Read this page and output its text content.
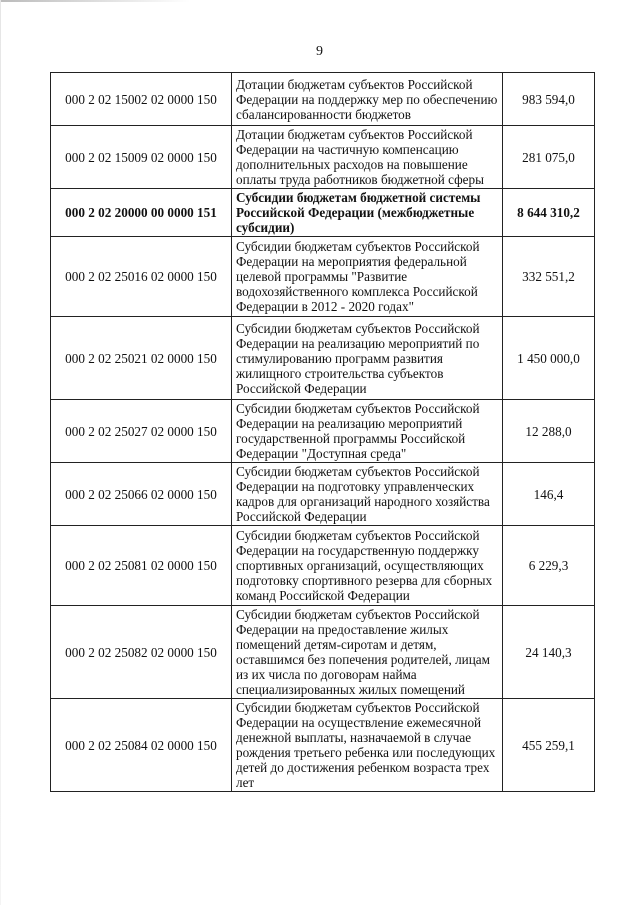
9
000 2 02 15002 02 0000 150	Дотации бюджетам субъектов Российской Федерации на поддержку мер по обеспечению сбалансированности бюджетов	983 594,0
000 2 02 15009 02 0000 150	Дотации бюджетам субъектов Российской Федерации на частичную компенсацию дополнительных расходов на повышение оплаты труда работников бюджетной сферы	281 075,0
000 2 02 20000 00 0000 151	Субсидии бюджетам бюджетной системы Российской Федерации (межбюджетные субсидии)	8 644 310,2
000 2 02 25016 02 0000 150	Субсидии бюджетам субъектов Российской Федерации на мероприятия федеральной целевой программы "Развитие водохозяйственного комплекса Российской Федерации в 2012 - 2020 годах"	332 551,2
000 2 02 25021 02 0000 150	Субсидии бюджетам субъектов Российской Федерации на реализацию мероприятий по стимулированию программ развития жилищного строительства субъектов Российской Федерации	1 450 000,0
000 2 02 25027 02 0000 150	Субсидии бюджетам субъектов Российской Федерации на реализацию мероприятий государственной программы Российской Федерации "Доступная среда"	12 288,0
000 2 02 25066 02 0000 150	Субсидии бюджетам субъектов Российской Федерации на подготовку управленческих кадров для организаций народного хозяйства Российской Федерации	146,4
000 2 02 25081 02 0000 150	Субсидии бюджетам субъектов Российской Федерации на государственную поддержку спортивных организаций, осуществляющих подготовку спортивного резерва для сборных команд Российской Федерации	6 229,3
000 2 02 25082 02 0000 150	Субсидии бюджетам субъектов Российской Федерации на предоставление жилых помещений детям-сиротам и детям, оставшимся без попечения родителей, лицам из их числа по договорам найма специализированных жилых помещений	24 140,3
000 2 02 25084 02 0000 150	Субсидии бюджетам субъектов Российской Федерации на осуществление ежемесячной денежной выплаты, назначаемой в случае рождения третьего ребенка или последующих детей до достижения ребенком возраста трех лет	455 259,1
